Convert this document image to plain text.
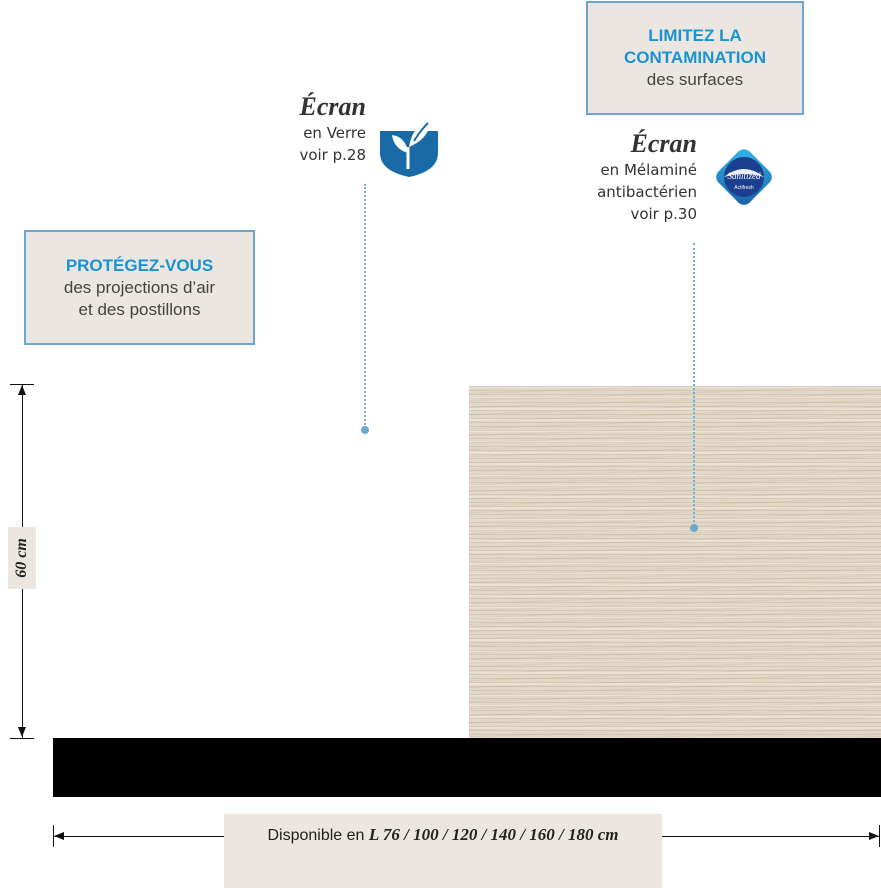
LIMITEZ LA
CONTAMINATION
des surfaces
PROTÉGEZ-VOUS
des projections d’air
et des postillons
Écran
en Verre
voir p.28	Écran
en Mélaminé
antibactérien
voir p.30
Sanitized
Actifresh
60 cm
Disponible en L 76 / 100 / 120 / 140 / 160 / 180 cm
